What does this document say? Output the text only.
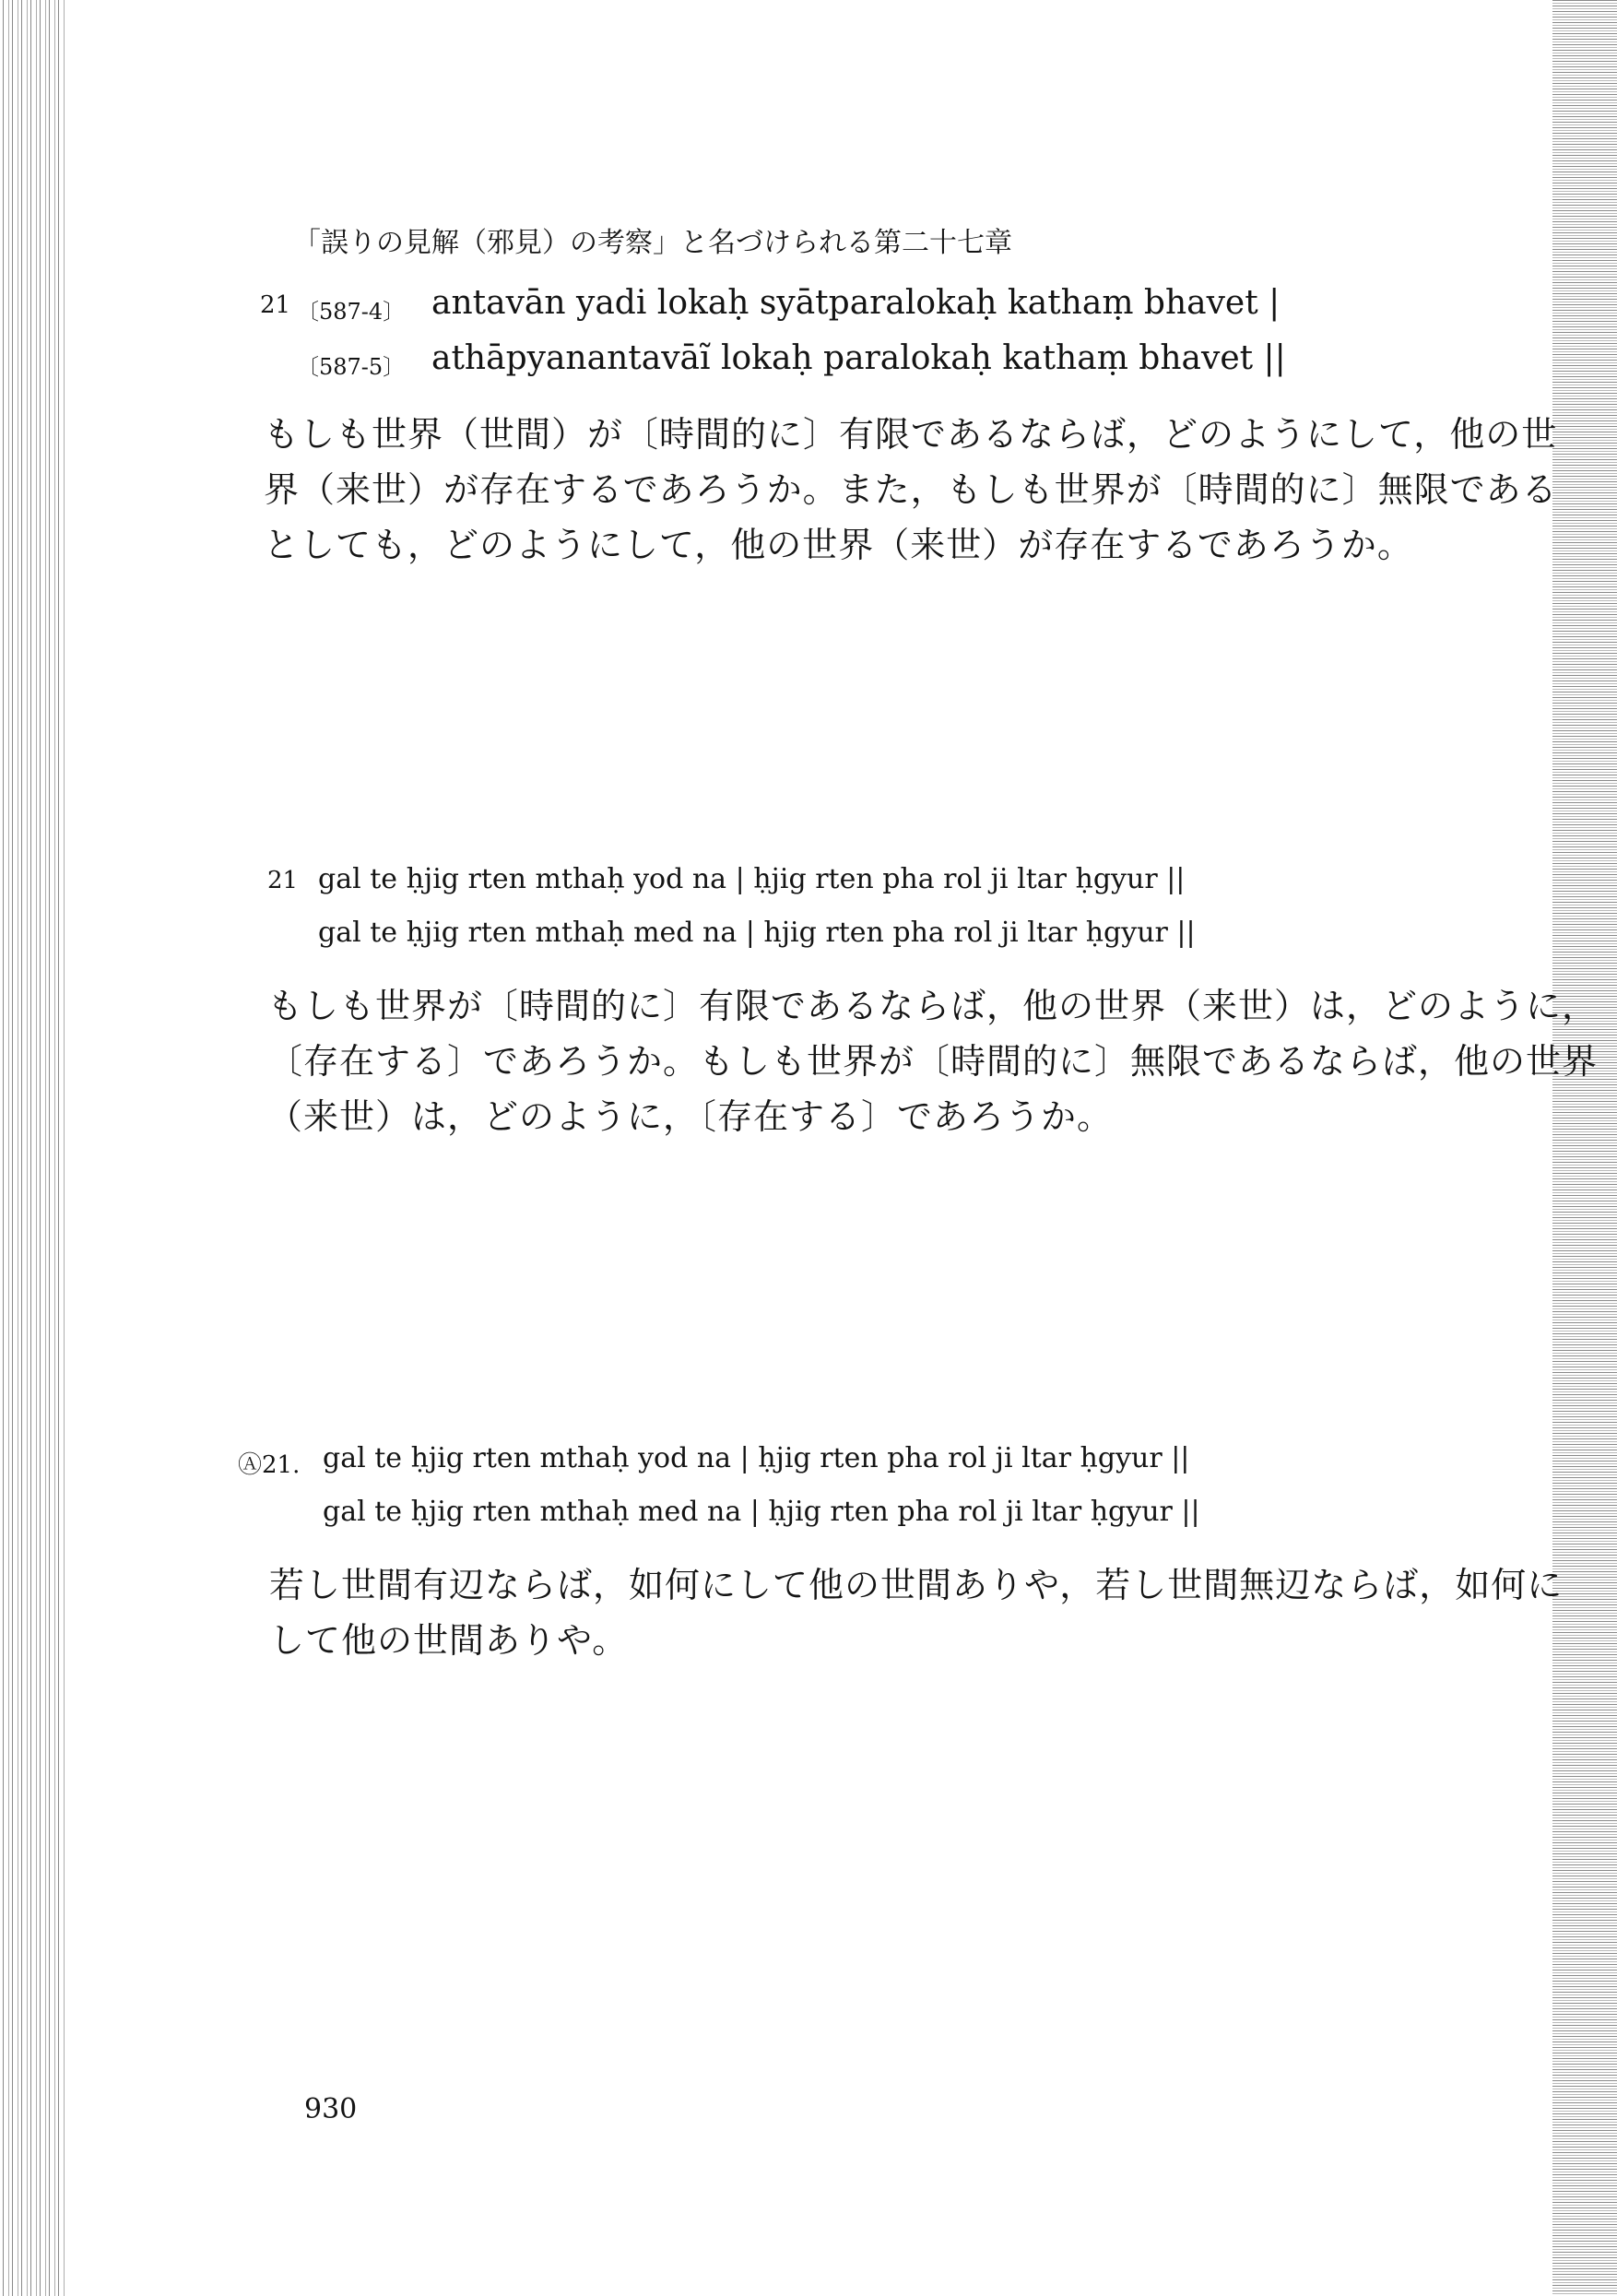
「誤りの見解（邪見）の考察」と名づけられる第二十七章
21 〔587-4〕 antavān yadi lokaḥ syātparalokaḥ kathaṃ bhavet |
〔587-5〕 athāpyanantavāĩ lokaḥ paralokaḥ kathaṃ bhavet ||
もしも世界（世間）が〔時間的に〕有限であるならば，どのようにして，他の世
界（来世）が存在するであろうか。また，もしも世界が〔時間的に〕無限である
としても，どのようにして，他の世界（来世）が存在するであろうか。
21 gal te ḥjig rten mthaḥ yod na | ḥjig rten pha rol ji ltar ḥgyur ||
gal te ḥjig rten mthaḥ med na | hjig rten pha rol ji ltar ḥgyur ||
もしも世界が〔時間的に〕有限であるならば，他の世界（来世）は，どのように，
〔存在する〕であろうか。もしも世界が〔時間的に〕無限であるならば，他の世界
（来世）は，どのように，〔存在する〕であろうか。
Ⓐ21. gal te ḥjig rten mthaḥ yod na | ḥjig rten pha rol ji ltar ḥgyur ||
gal te ḥjig rten mthaḥ med na | ḥjig rten pha rol ji ltar ḥgyur ||
若し世間有辺ならば，如何にして他の世間ありや，若し世間無辺ならば，如何に
して他の世間ありや。
930
